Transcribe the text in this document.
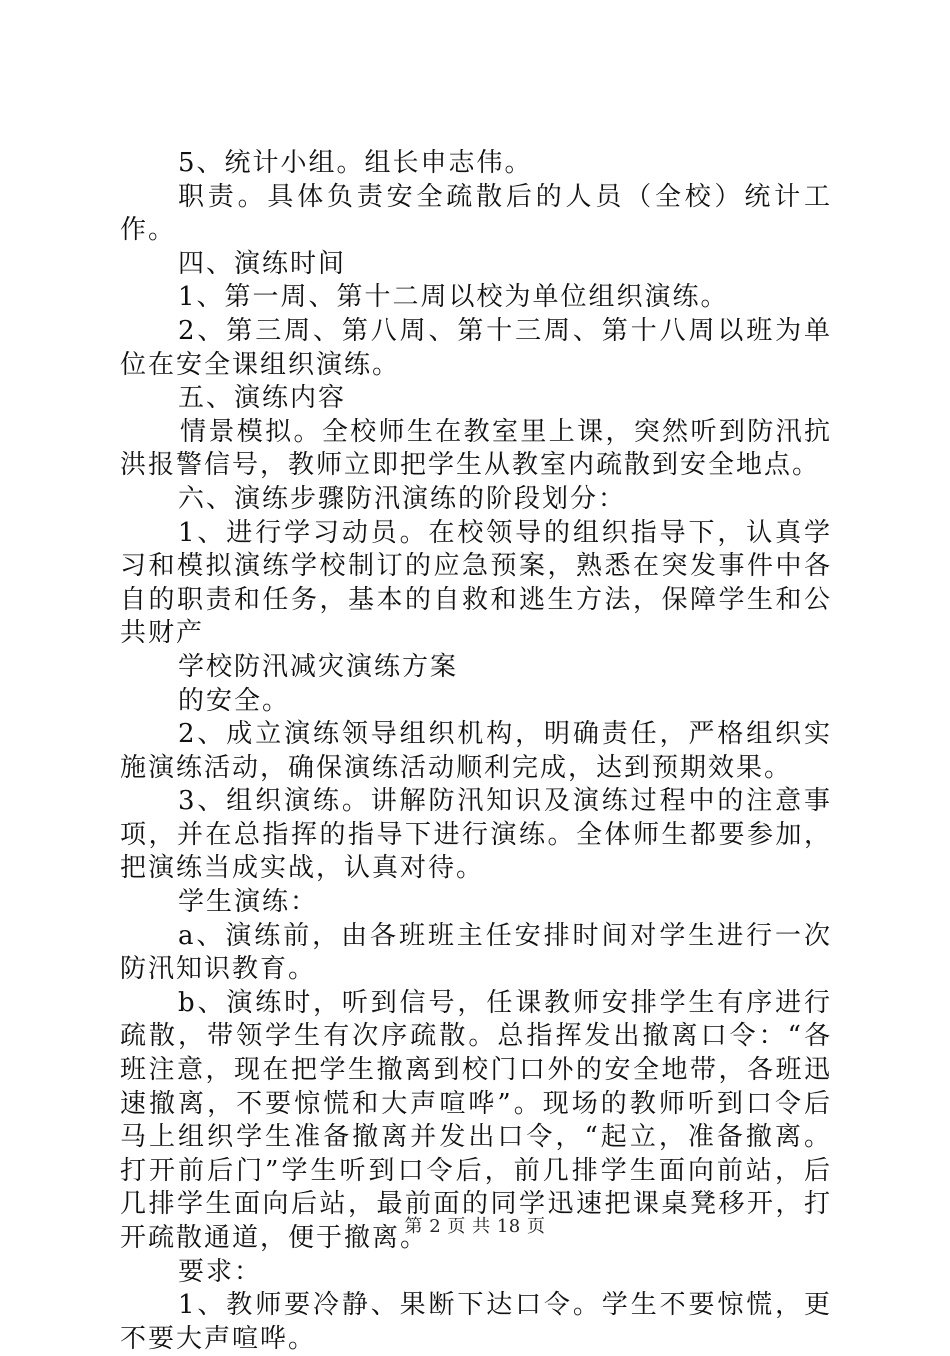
5、统计小组。组长申志伟。

职责。具体负责安全疏散后的人员（全校）统计工作。

四、演练时间

1、第一周、第十二周以校为单位组织演练。

2、第三周、第八周、第十三周、第十八周以班为单位在安全课组织演练。

五、演练内容

情景模拟。全校师生在教室里上课，突然听到防汛抗洪报警信号，教师立即把学生从教室内疏散到安全地点。

六、演练步骤防汛演练的阶段划分：

1、进行学习动员。在校领导的组织指导下，认真学习和模拟演练学校制订的应急预案，熟悉在突发事件中各自的职责和任务，基本的自救和逃生方法，保障学生和公共财产

学校防汛减灾演练方案

的安全。

2、成立演练领导组织机构，明确责任，严格组织实施演练活动，确保演练活动顺利完成，达到预期效果。

3、组织演练。讲解防汛知识及演练过程中的注意事项，并在总指挥的指导下进行演练。全体师生都要参加，把演练当成实战，认真对待。

学生演练：

a、演练前，由各班班主任安排时间对学生进行一次防汛知识教育。

b、演练时，听到信号，任课教师安排学生有序进行疏散，带领学生有次序疏散。总指挥发出撤离口令：“各班注意，现在把学生撤离到校门口外的安全地带，各班迅速撤离，不要惊慌和大声喧哗”。现场的教师听到口令后马上组织学生准备撤离并发出口令，“起立，准备撤离。打开前后门”学生听到口令后，前几排学生面向前站，后几排学生面向后站，最前面的同学迅速把课桌凳移开，打开疏散通道，便于撤离。

要求：

1、教师要冷静、果断下达口令。学生不要惊慌，更不要大声喧哗。

第 2 页 共 18 页
